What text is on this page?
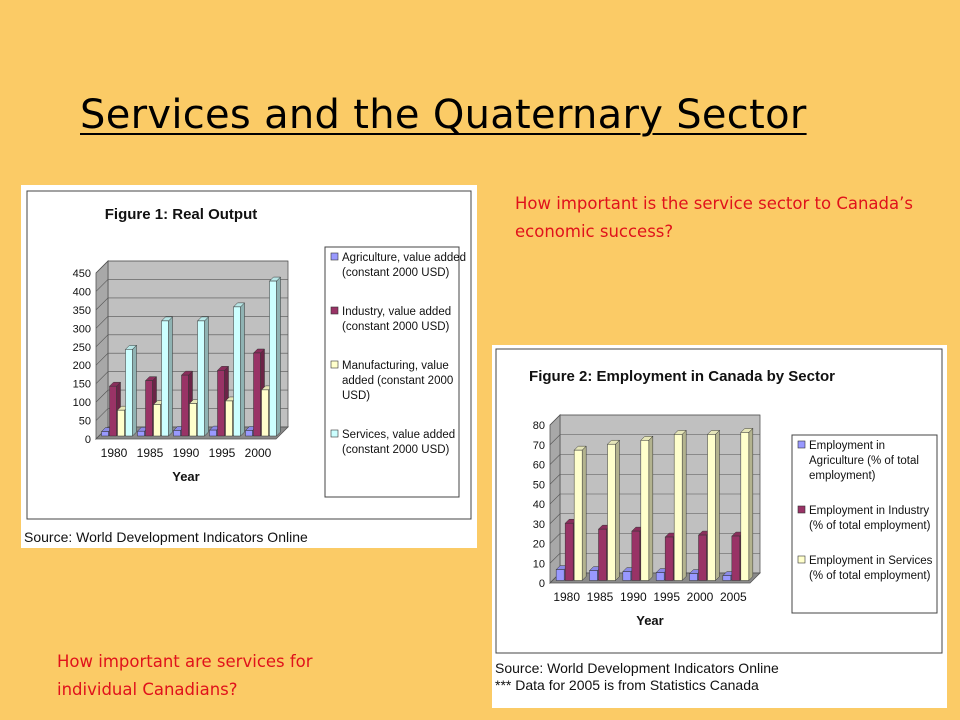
Services and the Quaternary Sector
How important is the service sector to Canada’s economic success?
How important are services for individual Canadians?
Figure 1: Real Output
450
400
350
300
250
200
150
100
50
0
1980 1985 1990 1995 2000
Year
Agriculture, value added
(constant 2000 USD)
Industry, value added
(constant 2000 USD)
Manufacturing, value
added (constant 2000
USD)
Services, value added
(constant 2000 USD)
Source: World Development Indicators Online
Figure 2: Employment in Canada by Sector
80
70
60
50
40
30
20
10
0
1980 1985 1990 1995 2000 2005
Year
Employment in
Agriculture (% of total
employment)
Employment in Industry
(% of total employment)
Employment in Services
(% of total employment)
Source: World Development Indicators Online
*** Data for 2005 is from Statistics Canada
